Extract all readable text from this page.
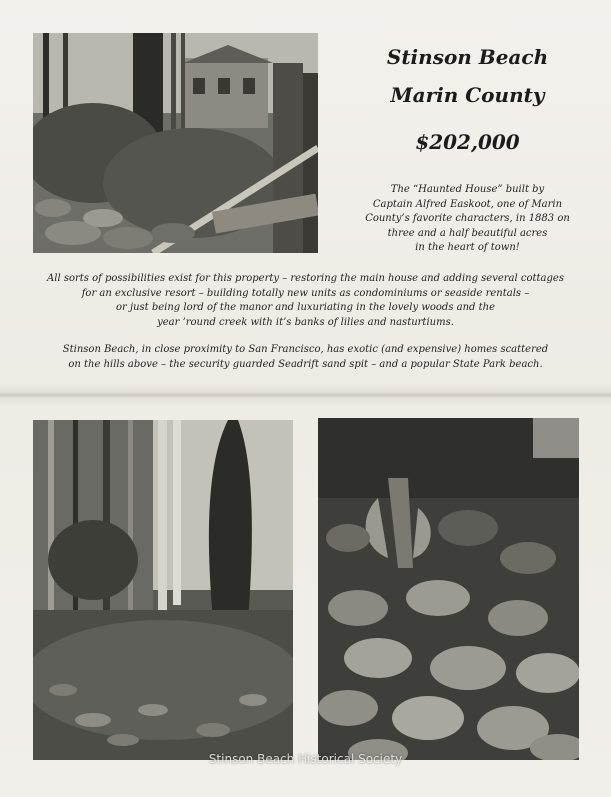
Stinson Beach
Marin County
$202,000
The “Haunted House” built by
Captain Alfred Easkoot, one of Marin
County’s favorite characters, in 1883 on
three and a half beautiful acres
in the heart of town!
All sorts of possibilities exist for this property – restoring the main house and adding several cottages
for an exclusive resort – building totally new units as condominiums or seaside rentals –
or just being lord of the manor and luxuriating in the lovely woods and the
year ’round creek with it’s banks of lilies and nasturtiums.
Stinson Beach, in close proximity to San Francisco, has exotic (and expensive) homes scattered
on the hills above – the security guarded Seadrift sand spit – and a popular State Park beach.
Stinson Beach Historical Society
